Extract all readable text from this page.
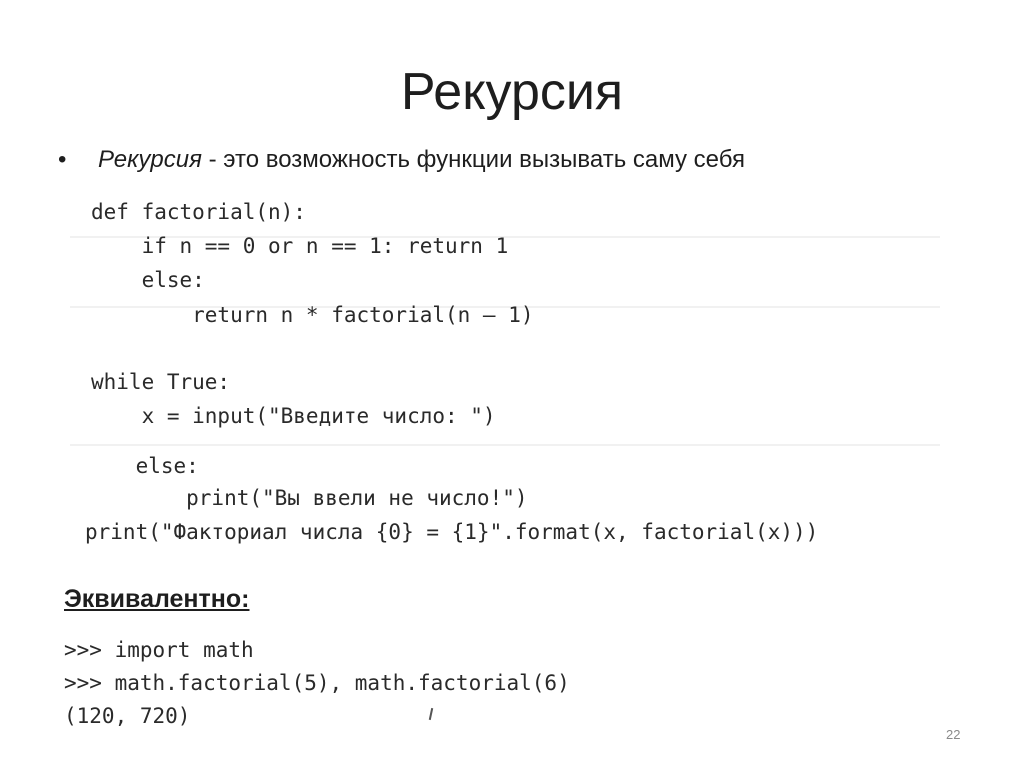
Рекурсия
• Рекурсия - это возможность функции вызывать саму себя
def factorial(n):
if n == 0 or n == 1: return 1
else:
return n * factorial(n – 1)
while True:
x = input("Введите число: ")
else:
print("Вы ввели не число!")
print("Факториал числа {0} = {1}".format(x, factorial(x)))
>>> import math
>>> math.factorial(5), math.factorial(6)
(120, 720)
Эквивалентно:
22
